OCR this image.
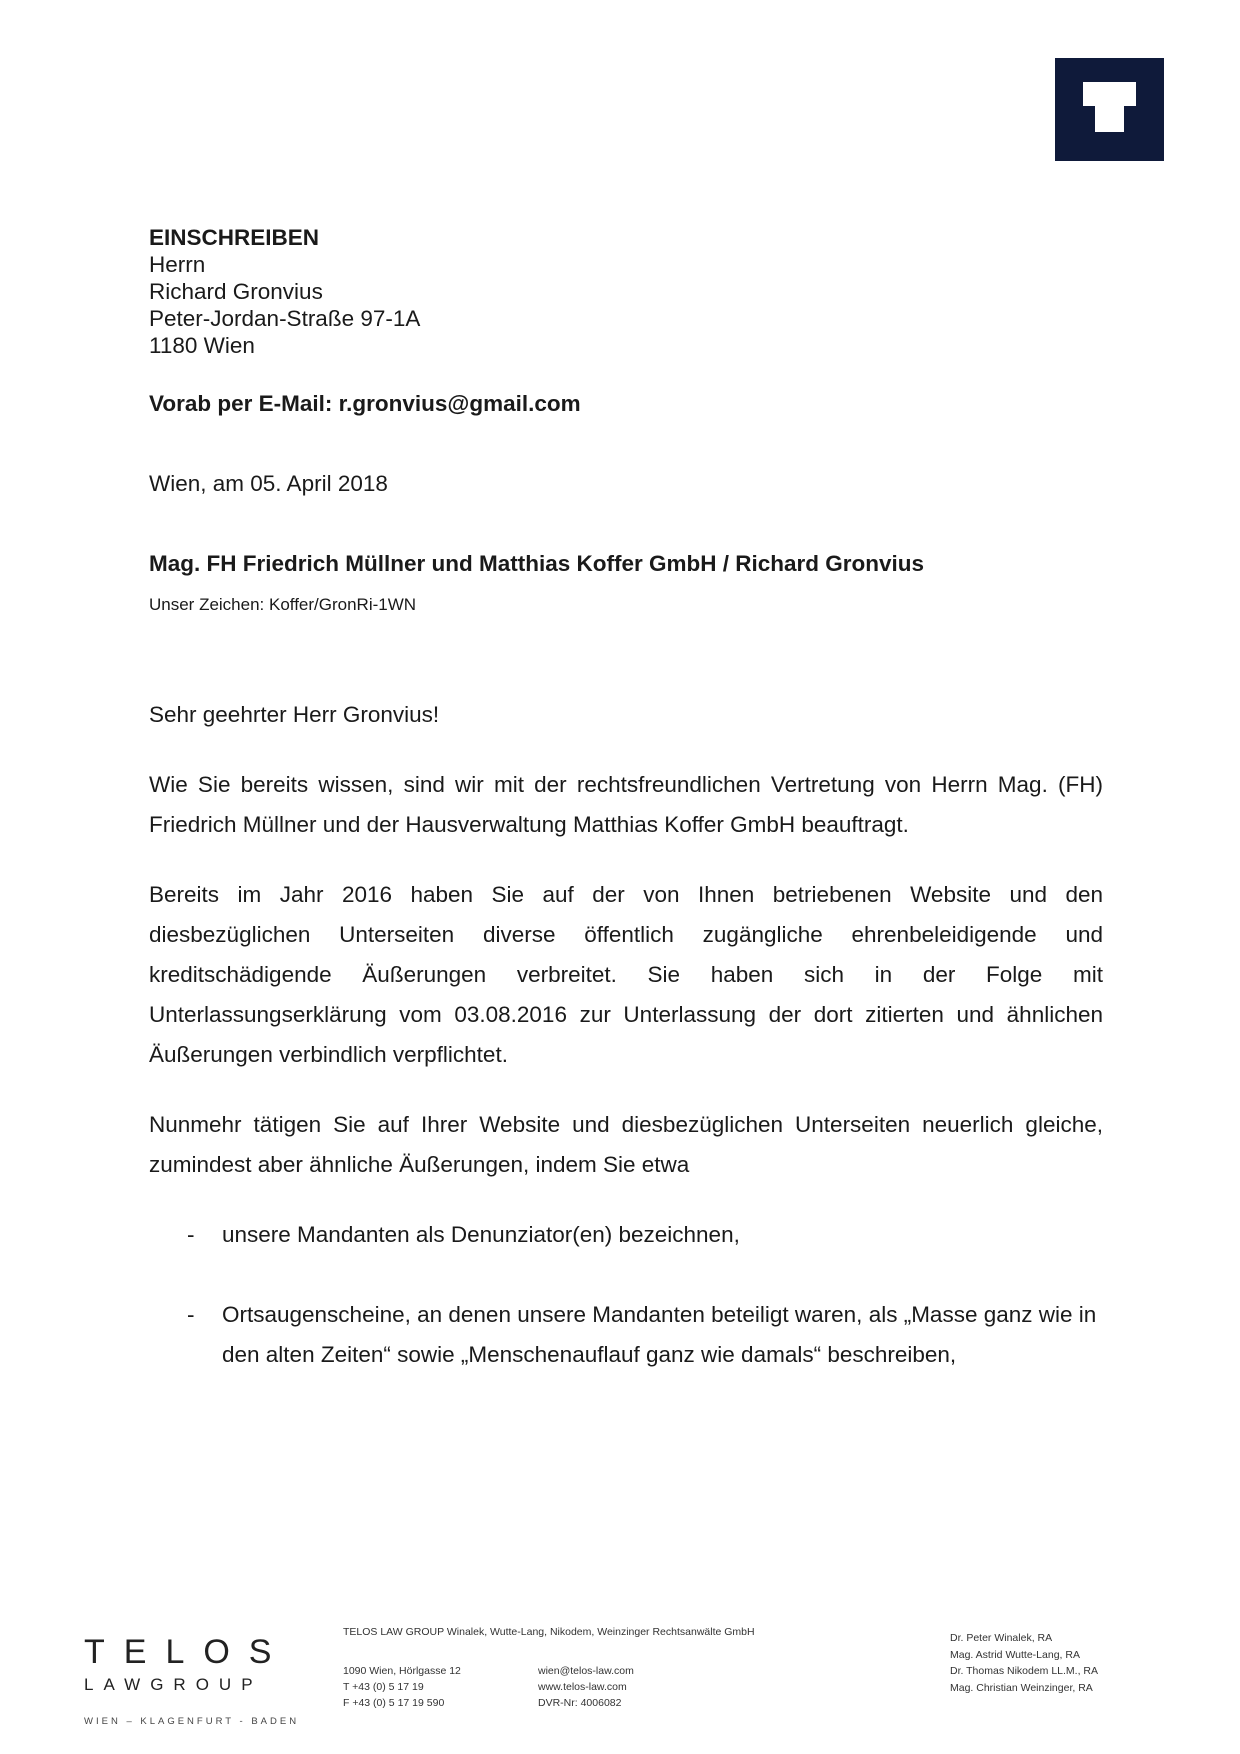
EINSCHREIBEN
Herrn
Richard Gronvius
Peter-Jordan-Straße 97-1A
1180 Wien
Vorab per E-Mail: r.gronvius@gmail.com
Wien, am 05. April 2018
Mag. FH Friedrich Müllner und Matthias Koffer GmbH / Richard Gronvius
Unser Zeichen: Koffer/GronRi-1WN
Sehr geehrter Herr Gronvius!

Wie Sie bereits wissen, sind wir mit der rechtsfreundlichen Vertretung von Herrn Mag. (FH) Friedrich Müllner und der Hausverwaltung Matthias Koffer GmbH beauftragt.

Bereits im Jahr 2016 haben Sie auf der von Ihnen betriebenen Website und den diesbezüglichen Unterseiten diverse öffentlich zugängliche ehrenbeleidigende und kreditschädigende Äußerungen verbreitet. Sie haben sich in der Folge mit Unterlassungserklärung vom 03.08.2016 zur Unterlassung der dort zitierten und ähnlichen Äußerungen verbindlich verpflichtet.

Nunmehr tätigen Sie auf Ihrer Website und diesbezüglichen Unterseiten neuerlich gleiche, zumindest aber ähnliche Äußerungen, indem Sie etwa

-	unsere Mandanten als Denunziator(en) bezeichnen,
-	Ortsaugenscheine, an denen unsere Mandanten beteiligt waren, als „Masse ganz wie in den alten Zeiten“ sowie „Menschenauflauf ganz wie damals“ beschreiben,
TELOS
LAWGROUP
WIEN – KLAGENFURT - BADEN
TELOS LAW GROUP Winalek, Wutte-Lang, Nikodem, Weinzinger Rechtsanwälte GmbH
1090 Wien, Hörlgasse 12
T +43 (0) 5 17 19
F +43 (0) 5 17 19 590
wien@telos-law.com
www.telos-law.com
DVR-Nr: 4006082
Dr. Peter Winalek, RA
Mag. Astrid Wutte-Lang, RA
Dr. Thomas Nikodem LL.M., RA
Mag. Christian Weinzinger, RA
